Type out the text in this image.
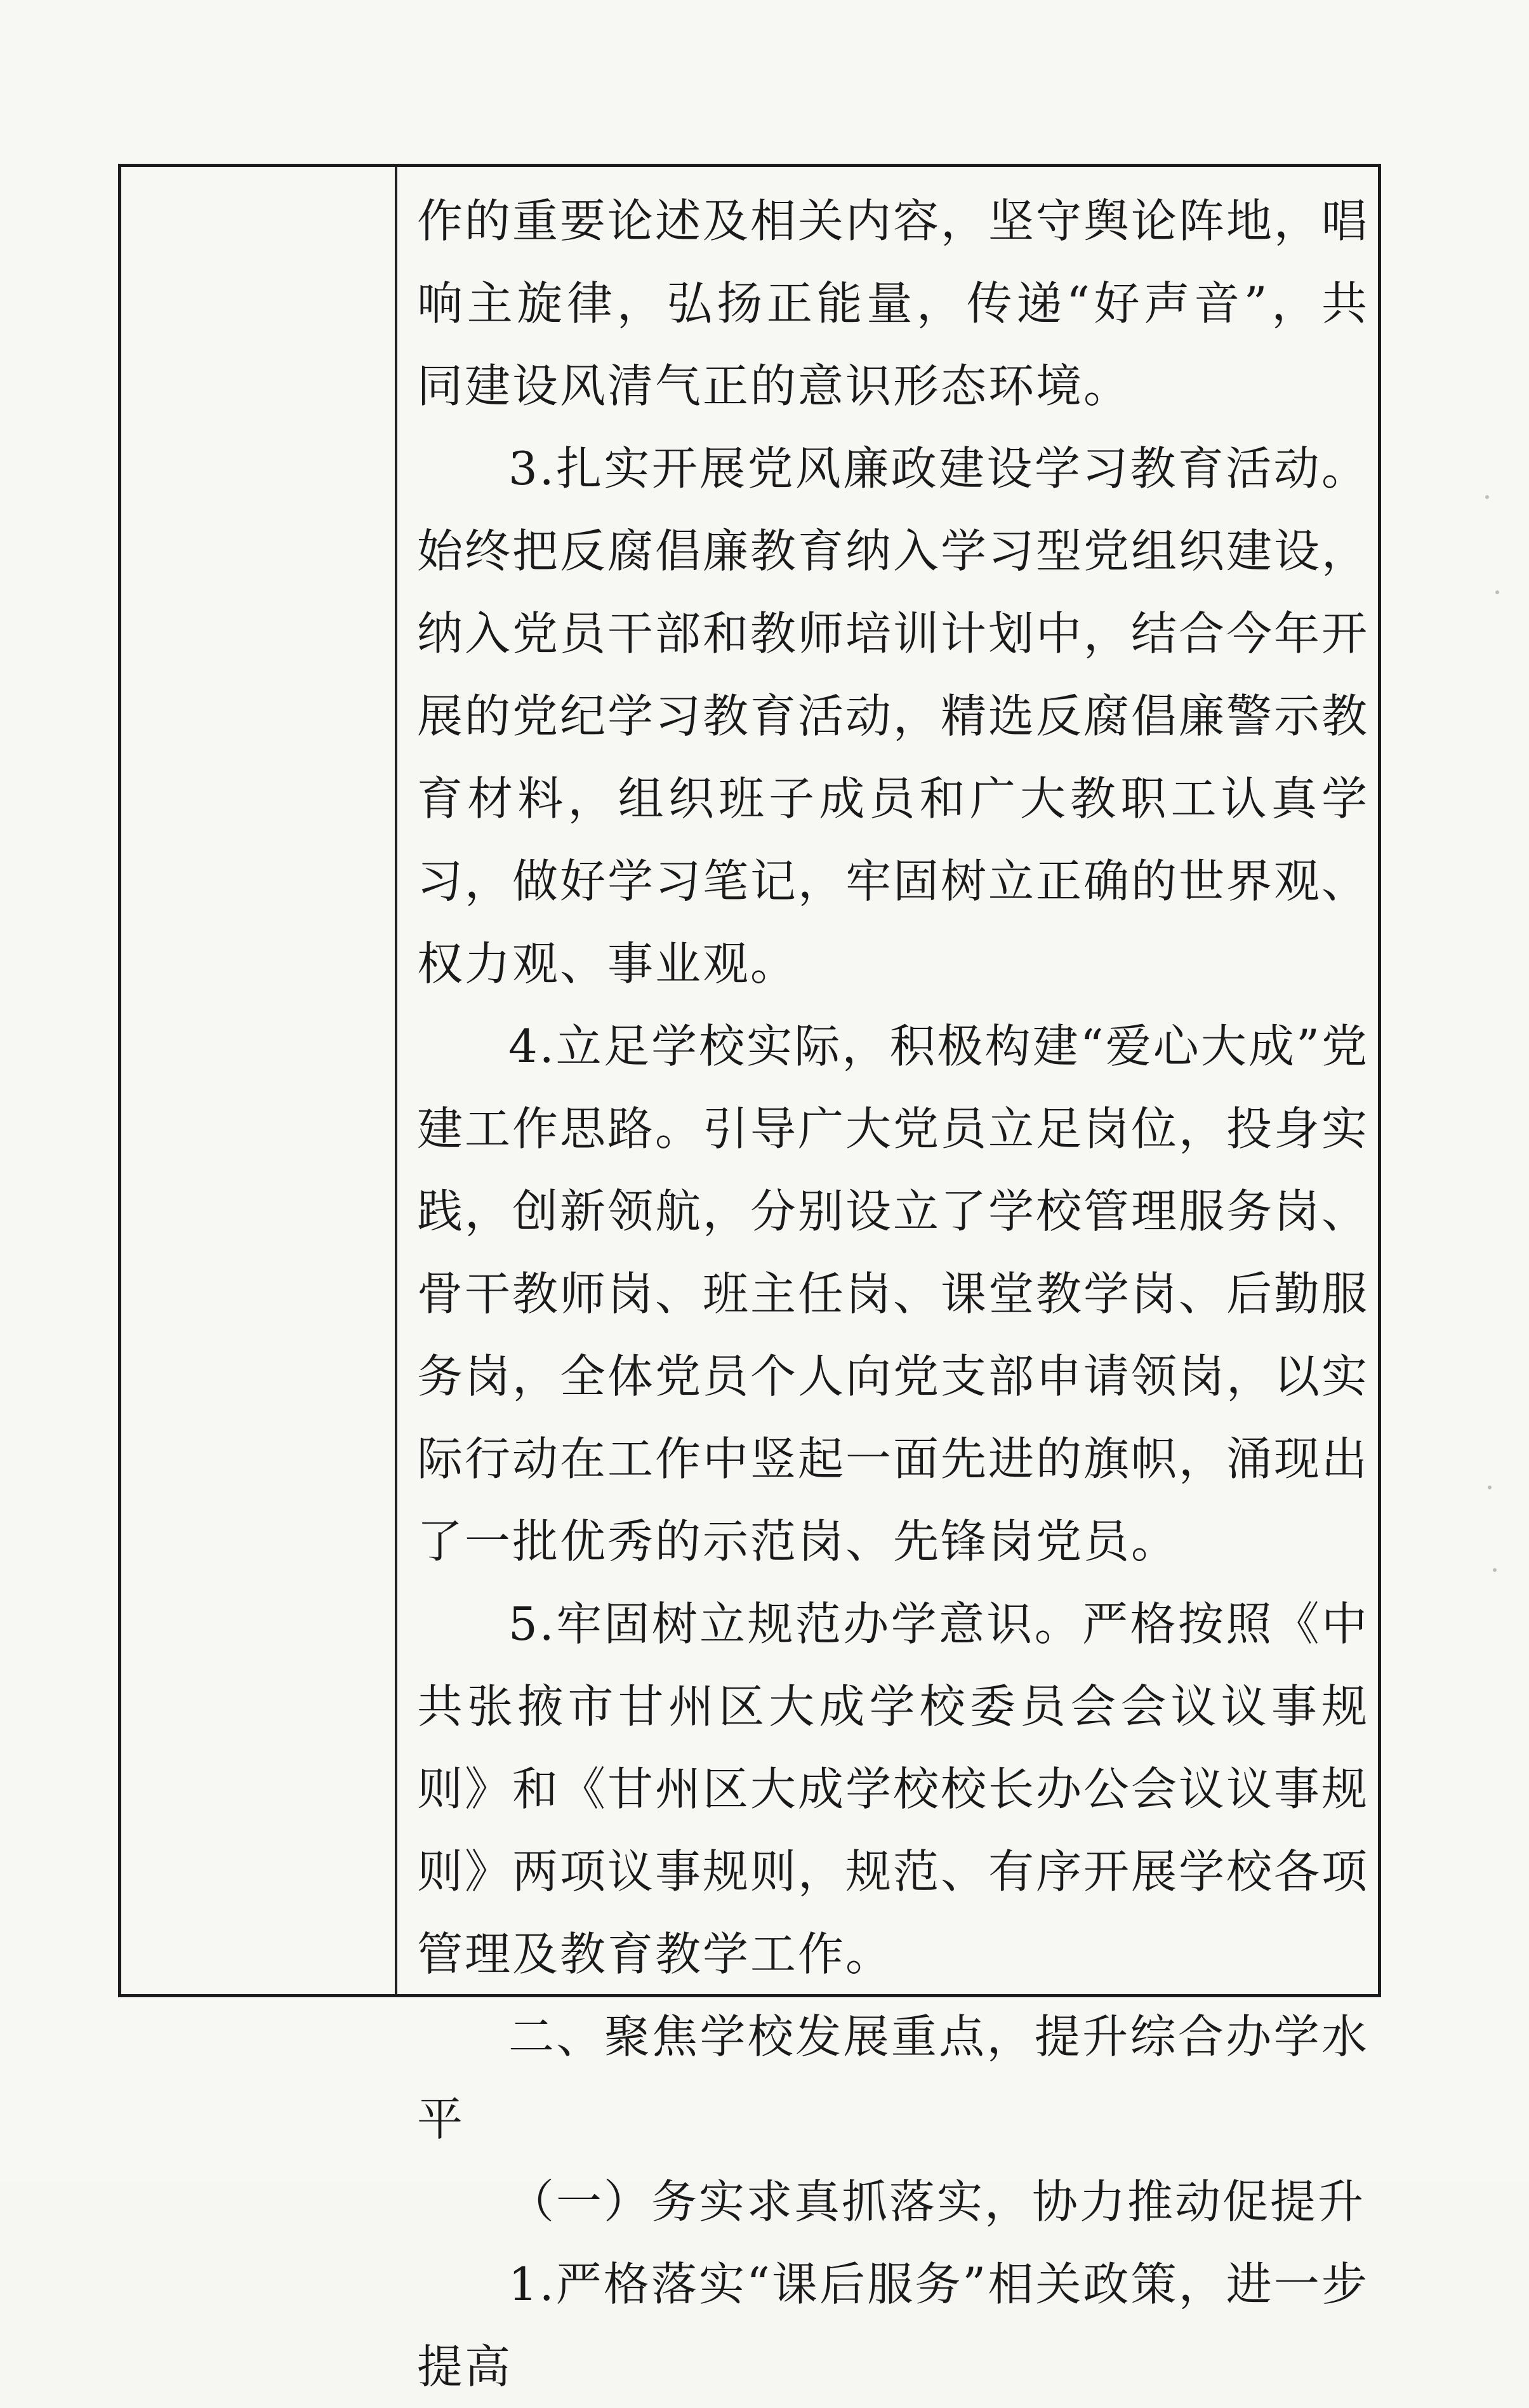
作的重要论述及相关内容，坚守舆论阵地，唱响主旋律，弘扬正能量，传递“好声音”，共同建设风清气正的意识形态环境。

3.扎实开展党风廉政建设学习教育活动。始终把反腐倡廉教育纳入学习型党组织建设，纳入党员干部和教师培训计划中，结合今年开展的党纪学习教育活动，精选反腐倡廉警示教育材料，组织班子成员和广大教职工认真学习，做好学习笔记，牢固树立正确的世界观、权力观、事业观。

4.立足学校实际，积极构建“爱心大成”党建工作思路。引导广大党员立足岗位，投身实践，创新领航，分别设立了学校管理服务岗、骨干教师岗、班主任岗、课堂教学岗、后勤服务岗，全体党员个人向党支部申请领岗，以实际行动在工作中竖起一面先进的旗帜，涌现出了一批优秀的示范岗、先锋岗党员。

5.牢固树立规范办学意识。严格按照《中共张掖市甘州区大成学校委员会会议议事规则》和《甘州区大成学校校长办公会议议事规则》两项议事规则，规范、有序开展学校各项管理及教育教学工作。

二、聚焦学校发展重点，提升综合办学水平

（一）务实求真抓落实，协力推动促提升

1.严格落实“课后服务”相关政策，进一步提高
